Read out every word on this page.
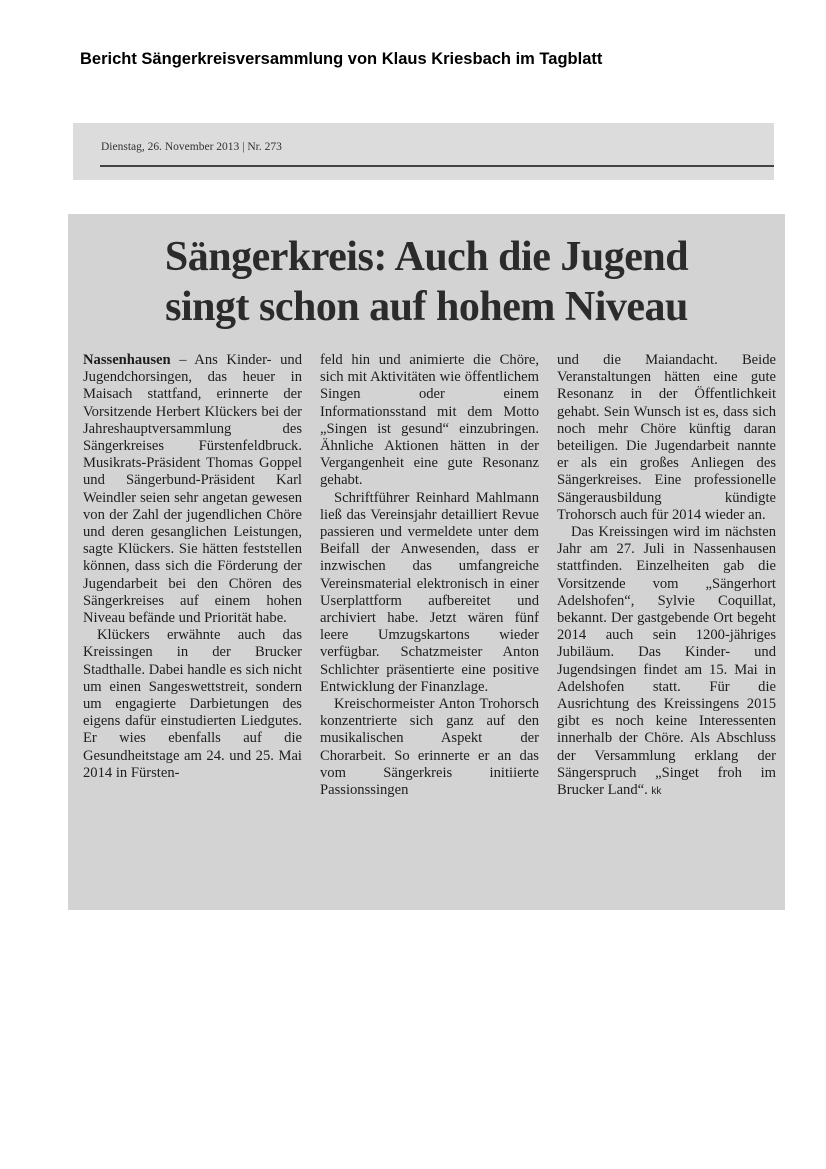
Bericht Sängerkreisversammlung von Klaus Kriesbach im Tagblatt
Dienstag, 26. November 2013 | Nr. 273
Sängerkreis: Auch die Jugend
singt schon auf hohem Niveau

Nassenhausen – Ans Kinder- und Jugendchorsingen, das heuer in Maisach stattfand, erinnerte der Vorsitzende Herbert Klückers bei der Jahreshauptversammlung des Sängerkreises Fürstenfeldbruck. Musikrats-Präsident Thomas Goppel und Sängerbund-Präsident Karl Weindler seien sehr angetan gewesen von der Zahl der jugendlichen Chöre und deren gesanglichen Leistungen, sagte Klückers. Sie hätten feststellen können, dass sich die Förderung der Jugendarbeit bei den Chören des Sängerkreises auf einem hohen Niveau befände und Priorität habe.

Klückers erwähnte auch das Kreissingen in der Brucker Stadthalle. Dabei handle es sich nicht um einen Sangeswettstreit, sondern um engagierte Darbietungen des eigens dafür einstudierten Liedgutes. Er wies ebenfalls auf die Gesundheitstage am 24. und 25. Mai 2014 in Fürsten-

feld hin und animierte die Chöre, sich mit Aktivitäten wie öffentlichem Singen oder einem Informationsstand mit dem Motto „Singen ist gesund“ einzubringen. Ähnliche Aktionen hätten in der Vergangenheit eine gute Resonanz gehabt.

Schriftführer Reinhard Mahlmann ließ das Vereinsjahr detailliert Revue passieren und vermeldete unter dem Beifall der Anwesenden, dass er inzwischen das umfangreiche Vereinsmaterial elektronisch in einer Userplattform aufbereitet und archiviert habe. Jetzt wären fünf leere Umzugskartons wieder verfügbar. Schatzmeister Anton Schlichter präsentierte eine positive Entwicklung der Finanzlage.

Kreischormeister Anton Trohorsch konzentrierte sich ganz auf den musikalischen Aspekt der Chorarbeit. So erinnerte er an das vom Sängerkreis initiierte Passionssingen

und die Maiandacht. Beide Veranstaltungen hätten eine gute Resonanz in der Öffentlichkeit gehabt. Sein Wunsch ist es, dass sich noch mehr Chöre künftig daran beteiligen. Die Jugendarbeit nannte er als ein großes Anliegen des Sängerkreises. Eine professionelle Sängerausbildung kündigte Trohorsch auch für 2014 wieder an.

Das Kreissingen wird im nächsten Jahr am 27. Juli in Nassenhausen stattfinden. Einzelheiten gab die Vorsitzende vom „Sängerhort Adelshofen“, Sylvie Coquillat, bekannt. Der gastgebende Ort begeht 2014 auch sein 1200-jähriges Jubiläum. Das Kinder- und Jugendsingen findet am 15. Mai in Adelshofen statt. Für die Ausrichtung des Kreissingens 2015 gibt es noch keine Interessenten innerhalb der Chöre. Als Abschluss der Versammlung erklang der Sängerspruch „Singet froh im Brucker Land“. kk
